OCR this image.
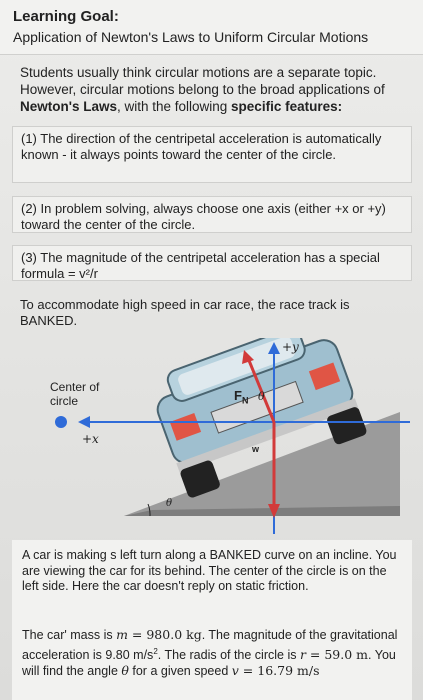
Learning Goal:
Application of Newton's Laws to Uniform Circular Motions
Students usually think circular motions are a separate topic. However, circular motions belong to the broad applications of Newton's Laws, with the following specific features:
(1) The direction of the centripetal acceleration is automatically known - it always points toward the center of the circle.
(2) In problem solving, always choose one axis (either +x or +y) toward the center of the circle.
(3) The magnitude of the centripetal acceleration has a special formula = v²/r
To accommodate high speed in car race, the race track is BANKED.
Center of circle
+x
+y
$F_N$ θ
w
θ
A car is making s left turn along a BANKED curve on an incline. You are viewing the car for its behind. The center of the circle is on the left side. Here the car doesn't reply on static friction.
The car' mass is m = 980.0 kg. The magnitude of the gravitational acceleration is 9.80 $m/s^2$. The radis of the circle is r = 59.0 m. You will find the angle θ for a given speed v = 16.79 m/s
